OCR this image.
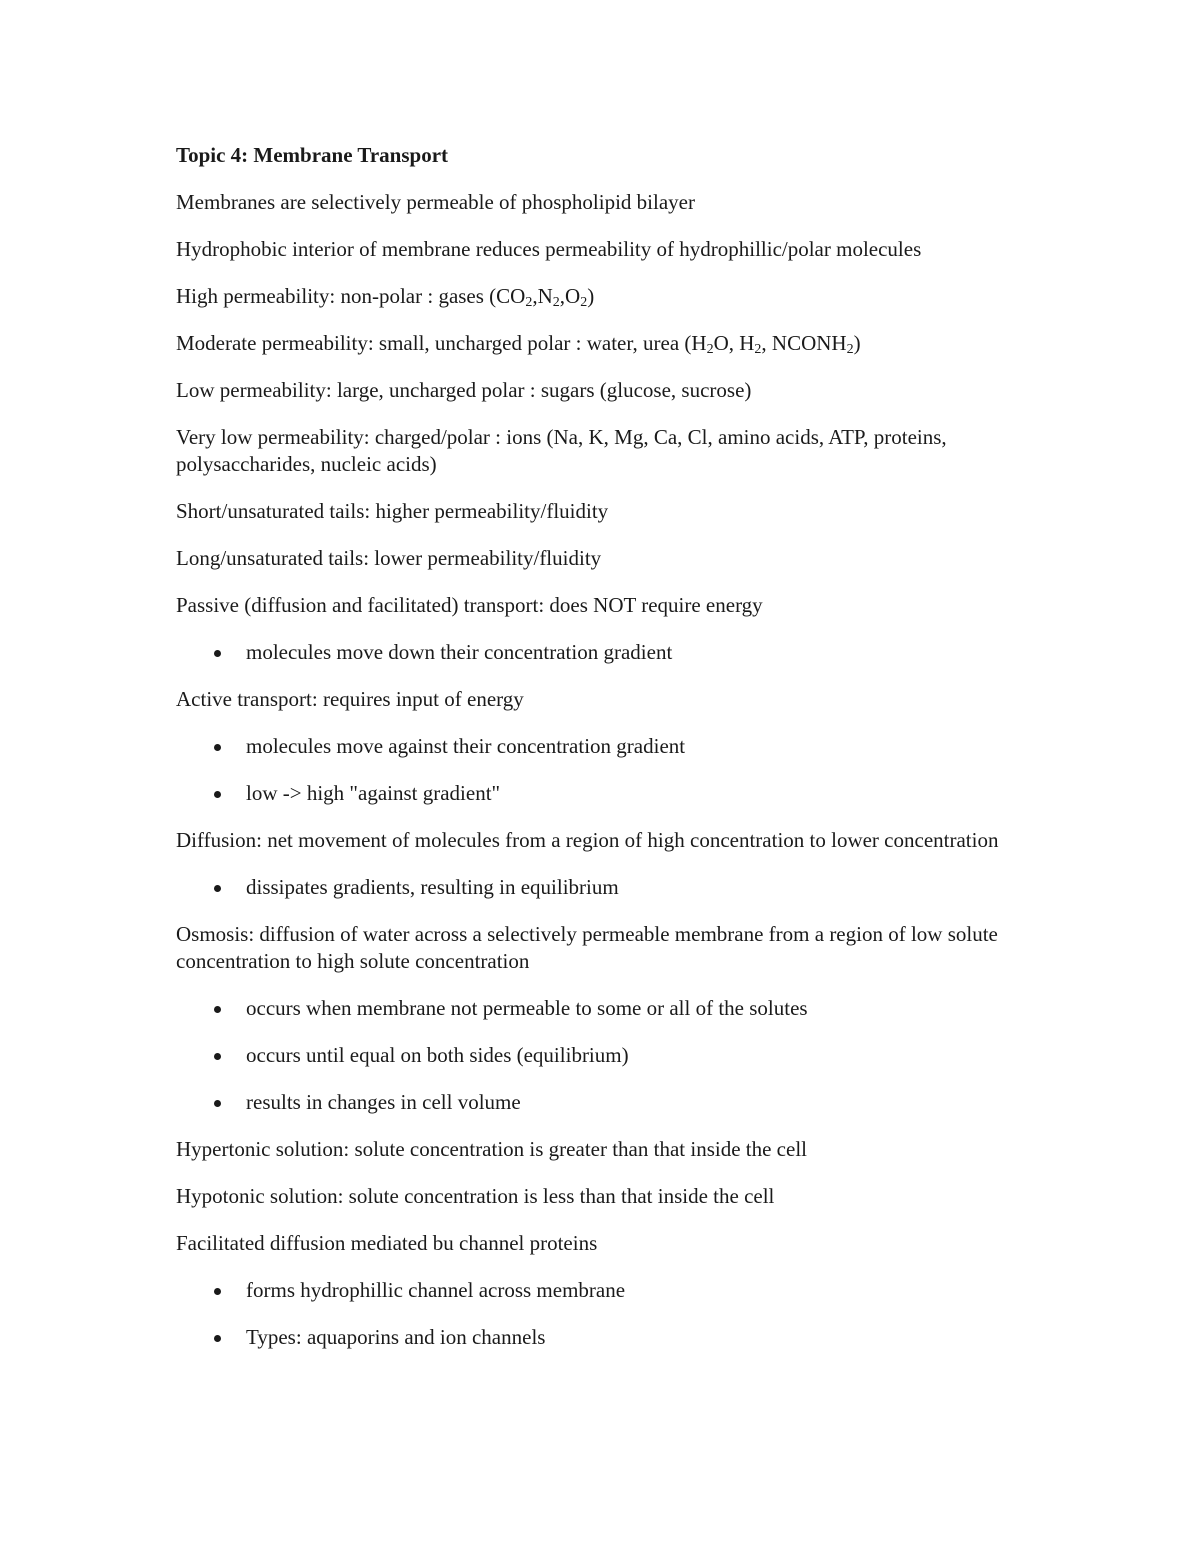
Topic 4: Membrane Transport

Membranes are selectively permeable of phospholipid bilayer

Hydrophobic interior of membrane reduces permeability of hydrophillic/polar molecules

High permeability: non-polar : gases $(CO_2,N_2,O_2)$

Moderate permeability: small, uncharged polar : water, urea ($H_2O$, $H_2$, $NCONH_2$)

Low permeability: large, uncharged polar : sugars (glucose, sucrose)

Very low permeability: charged/polar : ions (Na, K, Mg, Ca, Cl, amino acids, ATP, proteins, polysaccharides, nucleic acids)

Short/unsaturated tails: higher permeability/fluidity

Long/unsaturated tails: lower permeability/fluidity

Passive (diffusion and facilitated) transport: does NOT require energy

molecules move down their concentration gradient

Active transport: requires input of energy

molecules move against their concentration gradient
low -> high "against gradient"

Diffusion: net movement of molecules from a region of high concentration to lower concentration

dissipates gradients, resulting in equilibrium

Osmosis: diffusion of water across a selectively permeable membrane from a region of low solute concentration to high solute concentration

occurs when membrane not permeable to some or all of the solutes
occurs until equal on both sides (equilibrium)
results in changes in cell volume

Hypertonic solution: solute concentration is greater than that inside the cell

Hypotonic solution: solute concentration is less than that inside the cell

Facilitated diffusion mediated bu channel proteins

forms hydrophillic channel across membrane
Types: aquaporins and ion channels
